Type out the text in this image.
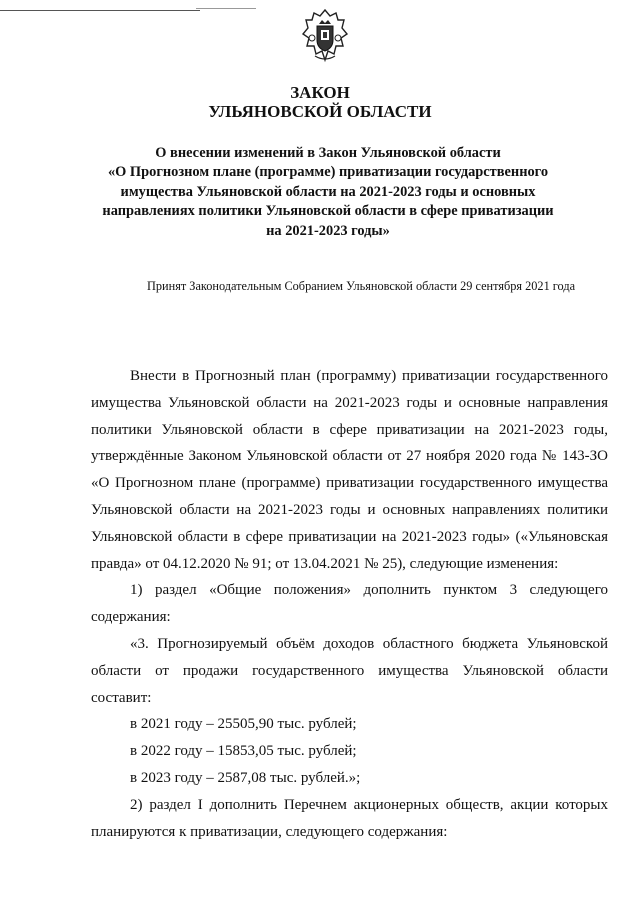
ЗАКОН
УЛЬЯНОВСКОЙ ОБЛАСТИ
О внесении изменений в Закон Ульяновской области
«О Прогнозном плане (программе) приватизации государственного
имущества Ульяновской области на 2021-2023 годы и основных
направлениях политики Ульяновской области в сфере приватизации
на 2021-2023 годы»
Принят Законодательным Собранием Ульяновской области 29 сентября 2021 года
Внести в Прогнозный план (программу) приватизации государственного
имущества Ульяновской области на 2021-2023 годы и основные направления
политики Ульяновской области в сфере приватизации на 2021-2023 годы,
утверждённые Законом Ульяновской области от 27 ноября 2020 года № 143-ЗО
«О Прогнозном плане (программе) приватизации государственного имущества
Ульяновской области на 2021-2023 годы и основных направлениях политики
Ульяновской области в сфере приватизации на 2021-2023 годы» («Ульяновская
правда» от 04.12.2020 № 91; от 13.04.2021 № 25), следующие изменения:
1) раздел «Общие положения» дополнить пунктом 3 следующего
содержания:
«3. Прогнозируемый объём доходов областного бюджета Ульяновской
области от продажи государственного имущества Ульяновской области
составит:
в 2021 году – 25505,90 тыс. рублей;
в 2022 году – 15853,05 тыс. рублей;
в 2023 году – 2587,08 тыс. рублей.»;
2) раздел I дополнить Перечнем акционерных обществ, акции которых
планируются к приватизации, следующего содержания:
